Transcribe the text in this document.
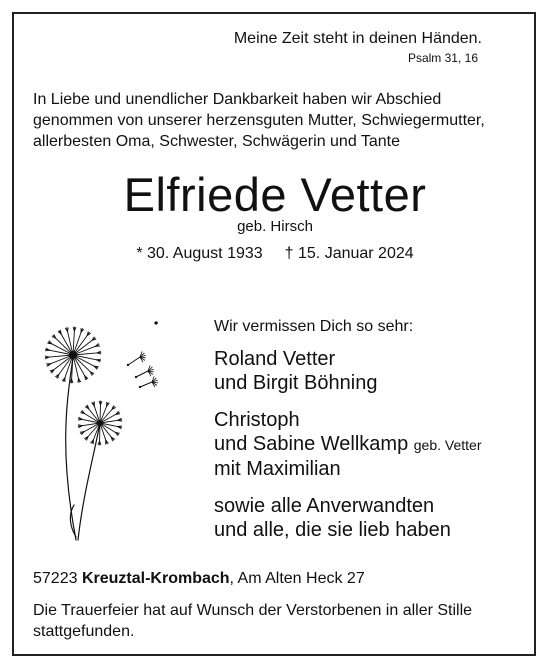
Meine Zeit steht in deinen Händen.
Psalm 31, 16
In Liebe und unendlicher Dankbarkeit haben wir Abschied
genommen von unserer herzensguten Mutter, Schwiegermutter,
allerbesten Oma, Schwester, Schwägerin und Tante
Elfriede Vetter
geb. Hirsch
* 30. August 1933 † 15. Januar 2024
Wir vermissen Dich so sehr:
Roland Vetter
und Birgit Böhning
Christoph
und Sabine Wellkamp geb. Vetter
mit Maximilian
sowie alle Anverwandten
und alle, die sie lieb haben
57223 Kreuztal-Krombach, Am Alten Heck 27
Die Trauerfeier hat auf Wunsch der Verstorbenen in aller Stille
stattgefunden.
